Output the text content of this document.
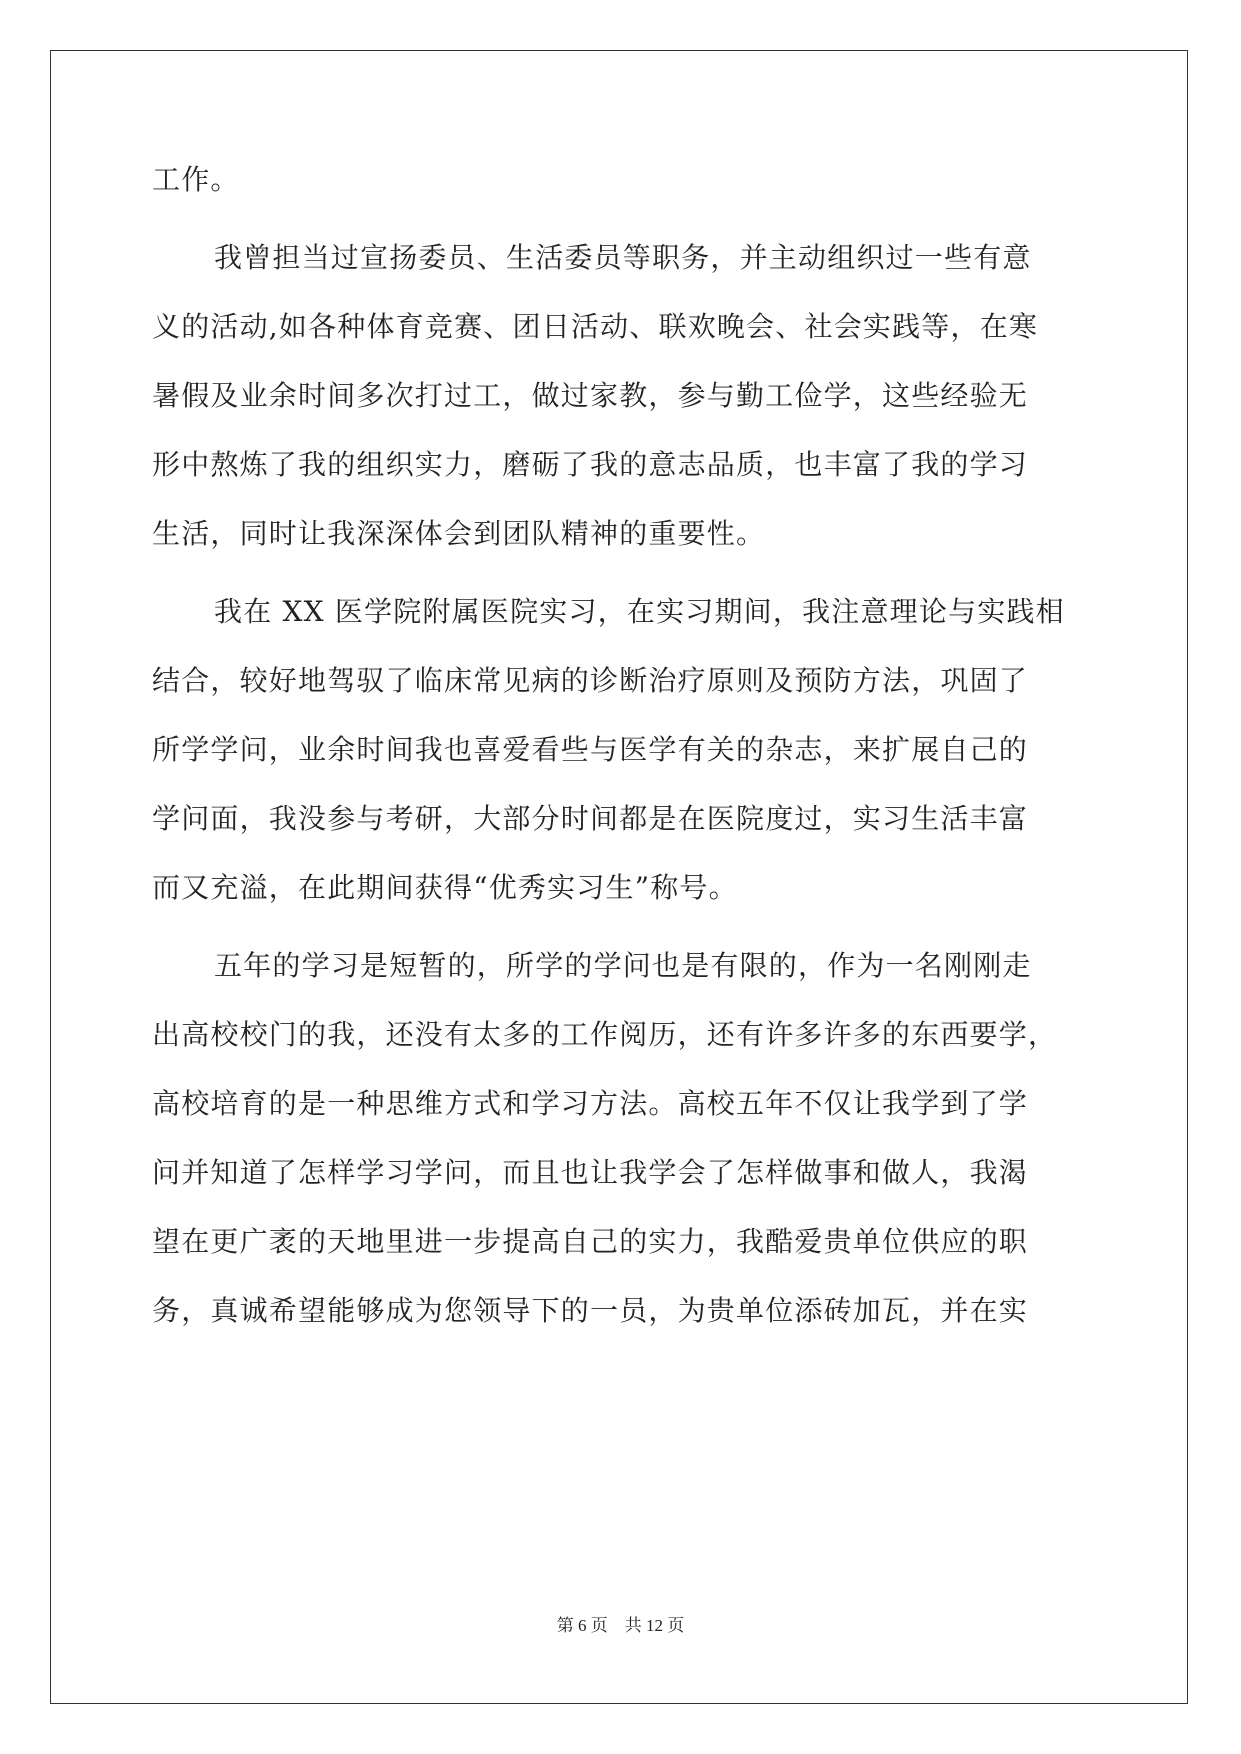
工作。
我曾担当过宣扬委员、生活委员等职务，并主动组织过一些有意
义的活动,如各种体育竞赛、团日活动、联欢晚会、社会实践等，在寒
暑假及业余时间多次打过工，做过家教，参与勤工俭学，这些经验无
形中熬炼了我的组织实力，磨砺了我的意志品质，也丰富了我的学习
生活，同时让我深深体会到团队精神的重要性。
我在 XX 医学院附属医院实习，在实习期间，我注意理论与实践相
结合，较好地驾驭了临床常见病的诊断治疗原则及预防方法，巩固了
所学学问，业余时间我也喜爱看些与医学有关的杂志，来扩展自己的
学问面，我没参与考研，大部分时间都是在医院度过，实习生活丰富
而又充溢，在此期间获得“优秀实习生”称号。
五年的学习是短暂的，所学的学问也是有限的，作为一名刚刚走
出高校校门的我，还没有太多的工作阅历，还有许多许多的东西要学，
高校培育的是一种思维方式和学习方法。高校五年不仅让我学到了学
问并知道了怎样学习学问，而且也让我学会了怎样做事和做人，我渴
望在更广袤的天地里进一步提高自己的实力，我酷爱贵单位供应的职
务，真诚希望能够成为您领导下的一员，为贵单位添砖加瓦，并在实
第 6 页　共 12 页
